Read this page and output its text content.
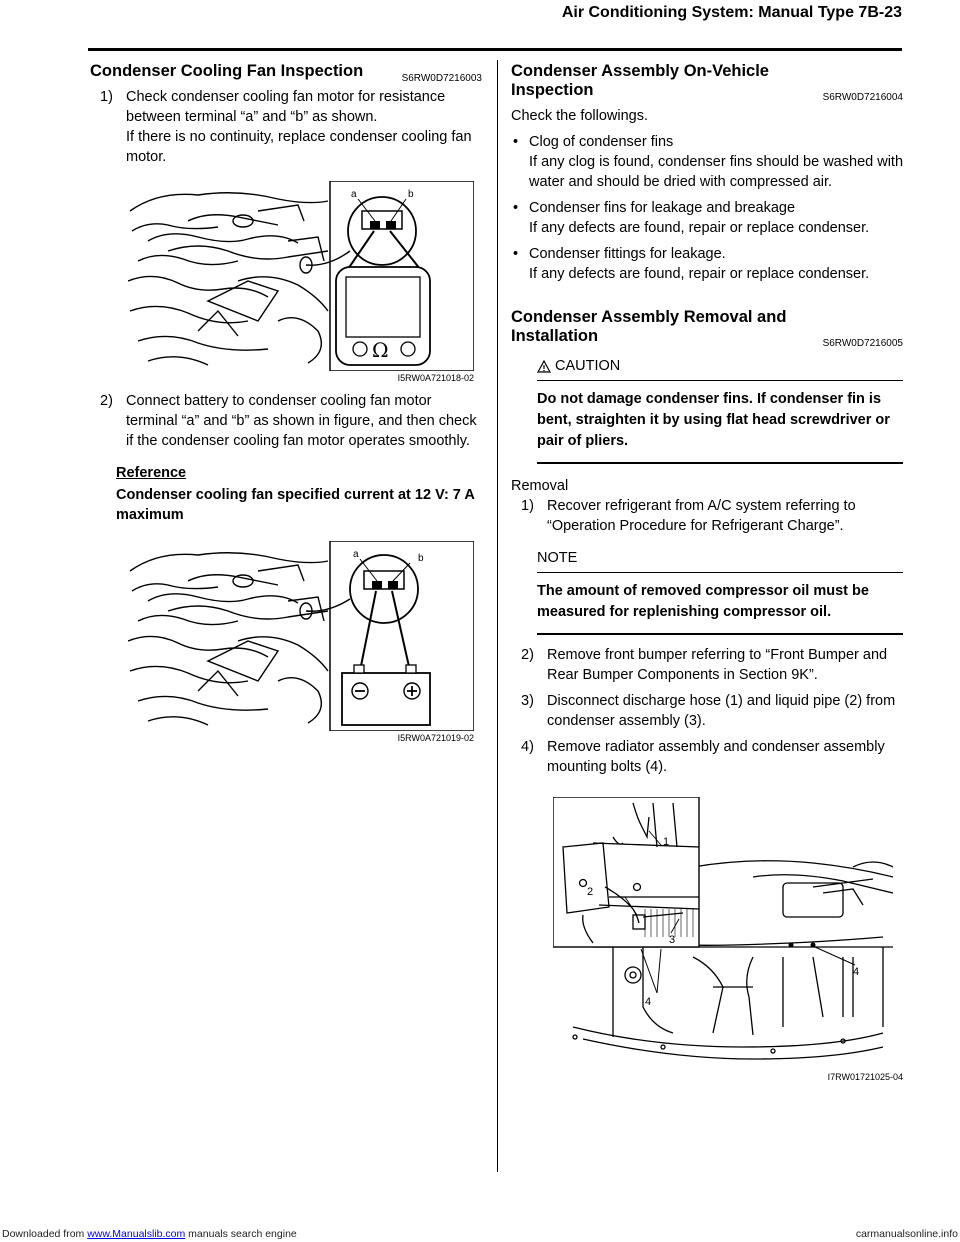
Air Conditioning System: Manual Type 7B-23
Condenser Cooling Fan Inspection	S6RW0D7216003
1) Check condenser cooling fan motor for resistance between terminal “a” and “b” as shown.
If there is no continuity, replace condenser cooling fan motor.
a	b
Ω
I5RW0A721018-02
2) Connect battery to condenser cooling fan motor terminal “a” and “b” as shown in figure, and then check if the condenser cooling fan motor operates smoothly.
Reference
Condenser cooling fan specified current at 12 V: 7 A maximum
a	b
I5RW0A721019-02
Condenser Assembly On-Vehicle Inspection	S6RW0D7216004

Check the followings.

• Clog of condenser fins
If any clog is found, condenser fins should be washed with water and should be dried with compressed air.
• Condenser fins for leakage and breakage
If any defects are found, repair or replace condenser.
• Condenser fittings for leakage.
If any defects are found, repair or replace condenser.
Condenser Assembly Removal and Installation	S6RW0D7216005
CAUTION
Do not damage condenser fins. If condenser fin is bent, straighten it by using flat head screwdriver or pair of pliers.
Removal
1) Recover refrigerant from A/C system referring to “Operation Procedure for Refrigerant Charge”.
NOTE
The amount of removed compressor oil must be measured for replenishing compressor oil.
2) Remove front bumper referring to “Front Bumper and Rear Bumper Components in Section 9K”.
3) Disconnect discharge hose (1) and liquid pipe (2) from condenser assembly (3).
4) Remove radiator assembly and condenser assembly mounting bolts (4).
1
2
3
4
4
I7RW01721025-04
Downloaded from www.Manualslib.com manuals search engine	carmanualsonline.info
